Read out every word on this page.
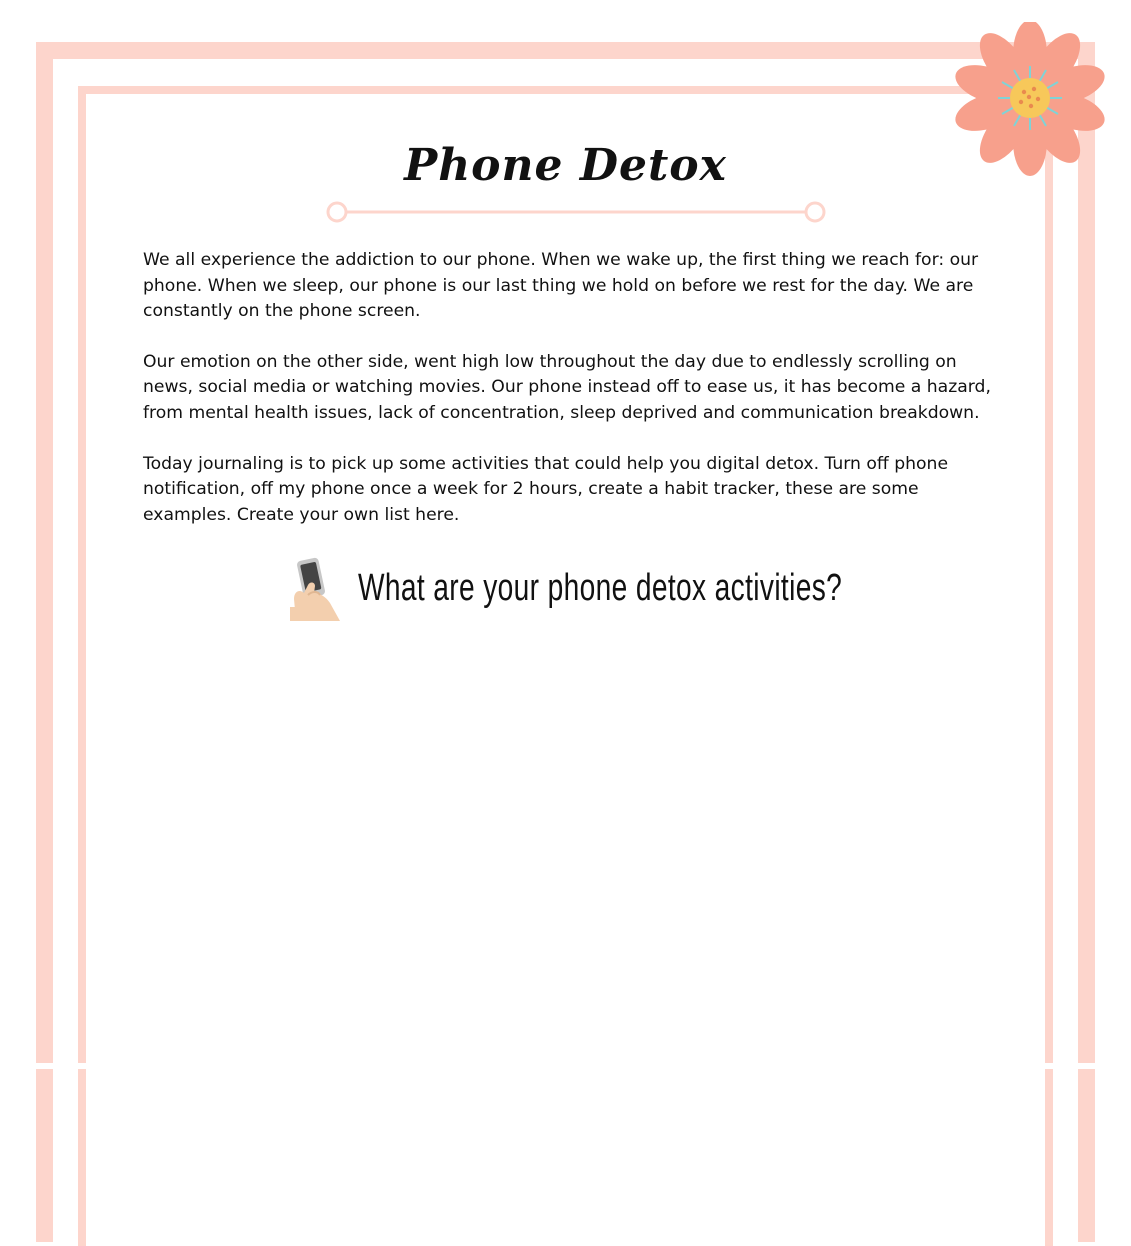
Phone Detox

We all experience the addiction to our phone. When we wake up, the first thing we reach for: our phone. When we sleep, our phone is our last thing we hold on before we rest for the day. We are constantly on the phone screen.

Our emotion on the other side, went high low throughout the day due to endlessly scrolling on news, social media or watching movies. Our phone instead off to ease us, it has become a hazard, from mental health issues, lack of concentration, sleep deprived and communication breakdown.

Today journaling is to pick up some activities that could help you digital detox. Turn off phone notification, off my phone once a week for 2 hours, create a habit tracker, these are some examples. Create your own list here.

What are your phone detox activities?
